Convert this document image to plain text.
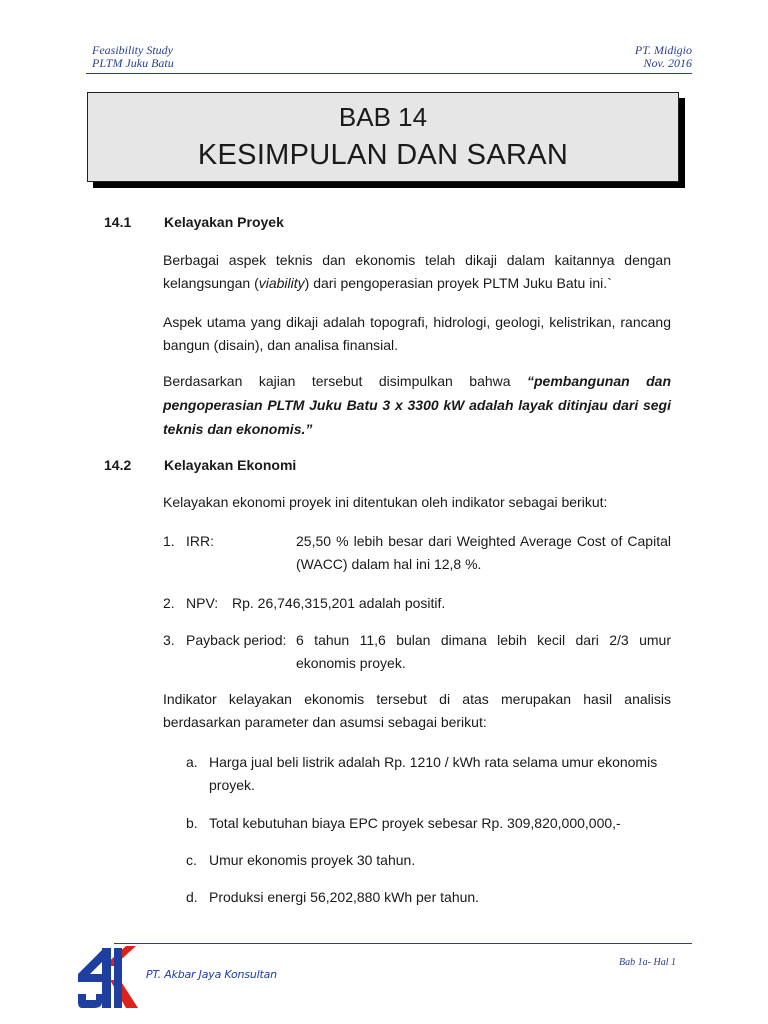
Feasibility Study
PLTM Juku Batu
PT. Midigio
Nov. 2016
BAB 14
KESIMPULAN DAN SARAN
14.1 Kelayakan Proyek

Berbagai aspek teknis dan ekonomis telah dikaji dalam kaitannya dengan kelangsungan (viability) dari pengoperasian proyek PLTM Juku Batu ini.`

Aspek utama yang dikaji adalah topografi, hidrologi, geologi, kelistrikan, rancang bangun (disain), dan analisa finansial.

Berdasarkan kajian tersebut disimpulkan bahwa “pembangunan dan pengoperasian PLTM Juku Batu 3 x 3300 kW adalah layak ditinjau dari segi teknis dan ekonomis.”

14.2 Kelayakan Ekonomi

Kelayakan ekonomi proyek ini ditentukan oleh indikator sebagai berikut:

1. IRR:	25,50 % lebih besar dari Weighted Average Cost of Capital (WACC) dalam hal ini 12,8 %.
2. NPV: Rp. 26,746,315,201 adalah positif.
3. Payback period: 6 tahun 11,6 bulan dimana lebih kecil dari 2/3 umur ekonomis proyek.

Indikator kelayakan ekonomis tersebut di atas merupakan hasil analisis berdasarkan parameter dan asumsi sebagai berikut:

a. Harga jual beli listrik adalah Rp. 1210 / kWh rata selama umur ekonomis proyek.
b. Total kebutuhan biaya EPC proyek sebesar Rp. 309,820,000,000,-
c. Umur ekonomis proyek 30 tahun.
d. Produksi energi 56,202,880 kWh per tahun.
Bab 1a- Hal 1
PT. Akbar Jaya Konsultan
